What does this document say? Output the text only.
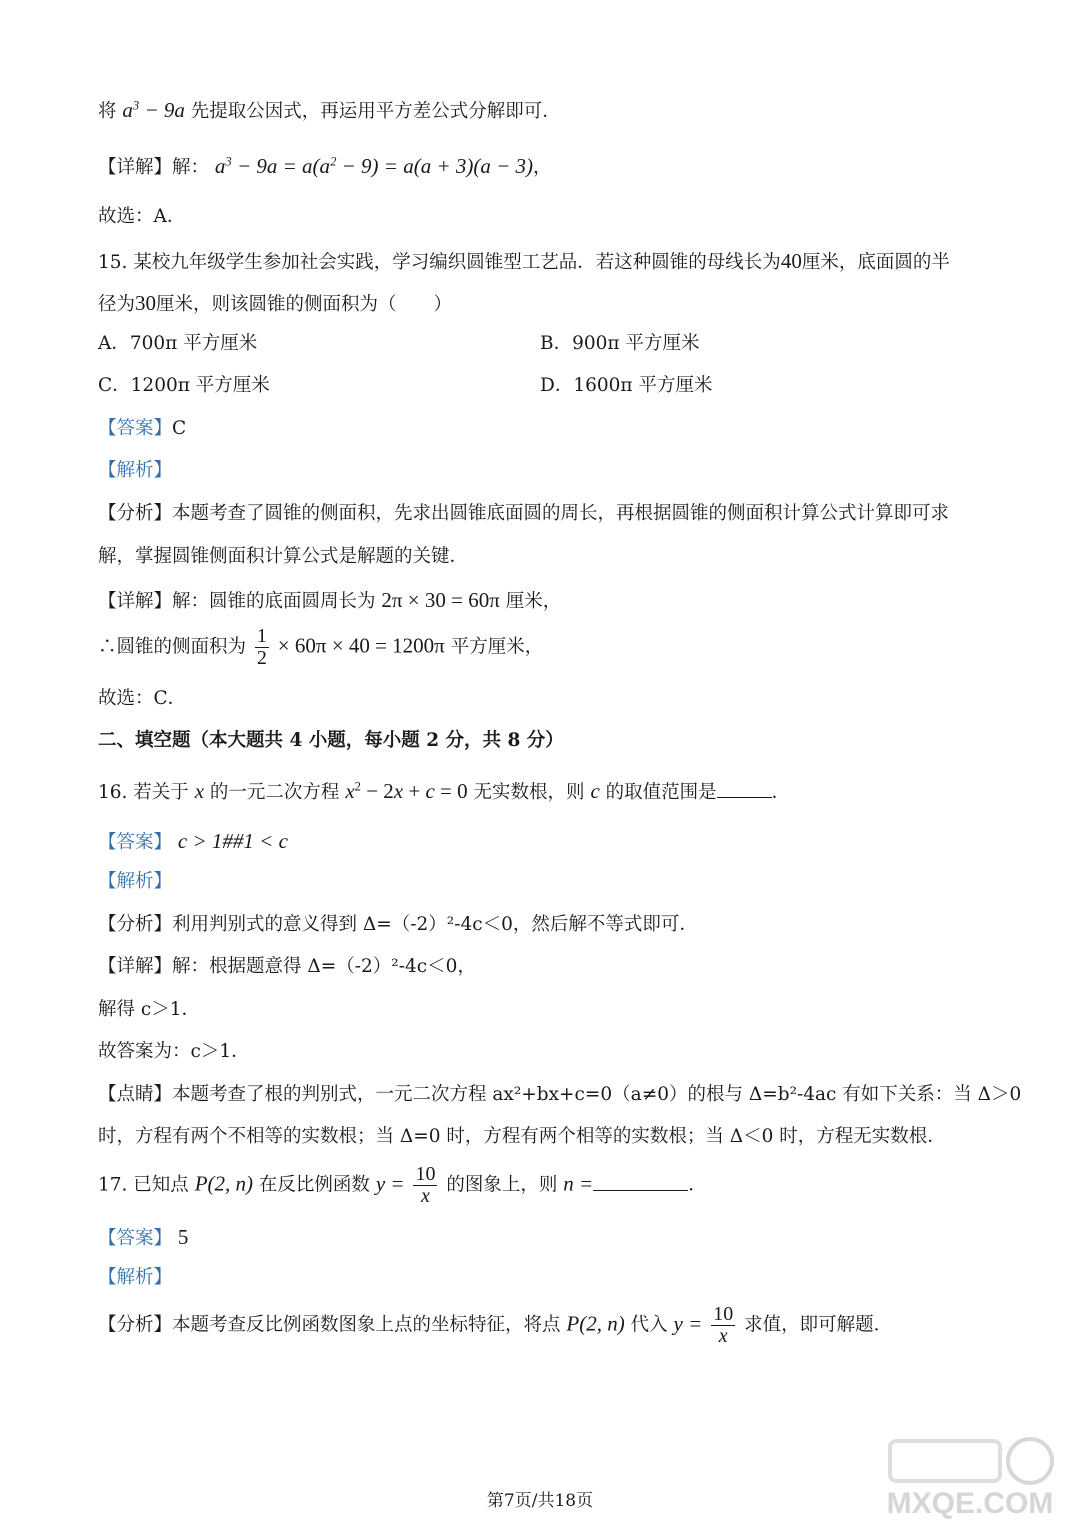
将 $a^3 - 9a$ 先提取公因式，再运用平方差公式分解即可．
【详解】解： $a^3 - 9a = a(a^2 - 9) = a(a + 3)(a - 3)$，
故选：A．
15. 某校九年级学生参加社会实践，学习编织圆锥型工艺品．若这种圆锥的母线长为40厘米，底面圆的半
径为30厘米，则该圆锥的侧面积为（　　）
A．700π 平方厘米	B．900π 平方厘米
C．1200π 平方厘米	D．1600π 平方厘米
【答案】C
【解析】
【分析】本题考查了圆锥的侧面积，先求出圆锥底面圆的周长，再根据圆锥的侧面积计算公式计算即可求
解，掌握圆锥侧面积计算公式是解题的关键．
【详解】解：圆锥的底面圆周长为 2π × 30 = 60π 厘米，
∴圆锥的侧面积为 $\frac{1}{2} \times 60\pi \times 40 = 1200\pi$ 平方厘米，
故选：C．
二、填空题（本大题共 4 小题，每小题 2 分，共 8 分）
16. 若关于 x 的一元二次方程 $x^2 - 2x + c = 0$ 无实数根，则 c 的取值范围是	．
【答案】 c > 1##1 < c
【解析】
【分析】利用判别式的意义得到 Δ=（-2）²-4c＜0，然后解不等式即可．
【详解】解：根据题意得 Δ=（-2）²-4c＜0，
解得 c＞1．
故答案为：c＞1．
【点睛】本题考查了根的判别式，一元二次方程 ax²+bx+c=0（a≠0）的根与 Δ=b²-4ac 有如下关系：当 Δ＞0
时，方程有两个不相等的实数根；当 Δ=0 时，方程有两个相等的实数根；当 Δ＜0 时，方程无实数根．
17. 已知点 P(2, n) 在反比例函数 $y = \frac{10}{x}$ 的图象上，则 n =	．
【答案】 5
【解析】
【分析】本题考查反比例函数图象上点的坐标特征，将点 P(2, n) 代入 $y = \frac{10}{x}$ 求值，即可解题．
第7页/共18页	MXQE.COM
